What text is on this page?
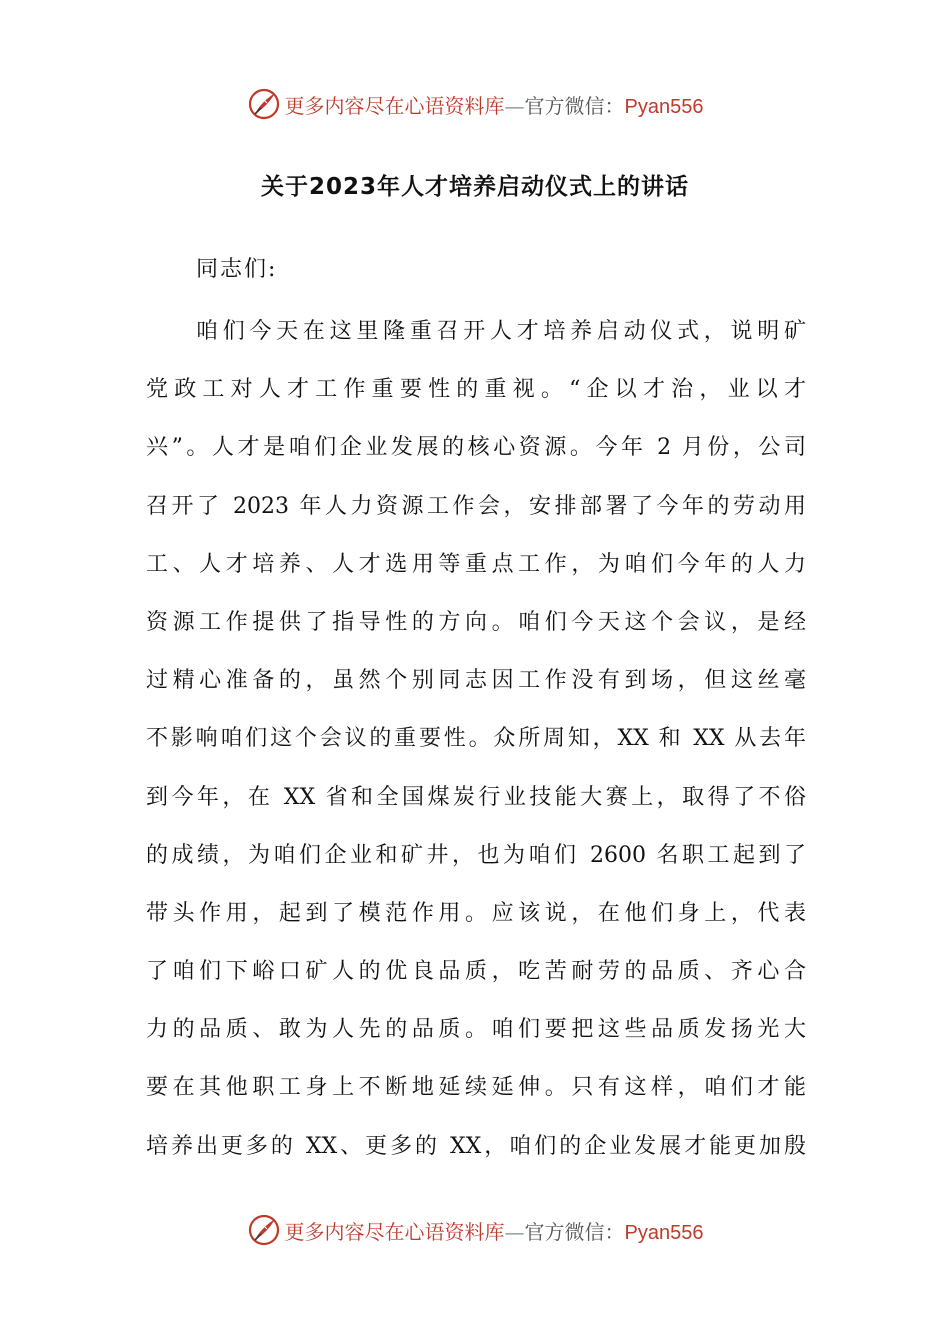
更多内容尽在心语资料库—官方微信：Pyan556
关于2023年人才培养启动仪式上的讲话
同志们:
咱们今天在这里隆重召开人才培养启动仪式，说明矿
党政工对人才工作重要性的重视。“企以才治，业以才
兴”。人才是咱们企业发展的核心资源。今年 2 月份，公司
召开了 2023 年人力资源工作会，安排部署了今年的劳动用
工、人才培养、人才选用等重点工作，为咱们今年的人力
资源工作提供了指导性的方向。咱们今天这个会议，是经
过精心准备的，虽然个别同志因工作没有到场，但这丝毫
不影响咱们这个会议的重要性。众所周知，XX 和 XX 从去年
到今年，在 XX 省和全国煤炭行业技能大赛上，取得了不俗
的成绩，为咱们企业和矿井，也为咱们 2600 名职工起到了
带头作用，起到了模范作用。应该说，在他们身上，代表
了咱们下峪口矿人的优良品质，吃苦耐劳的品质、齐心合
力的品质、敢为人先的品质。咱们要把这些品质发扬光大
要在其他职工身上不断地延续延伸。只有这样，咱们才能
培养出更多的 XX、更多的 XX，咱们的企业发展才能更加殷
更多内容尽在心语资料库—官方微信：Pyan556
